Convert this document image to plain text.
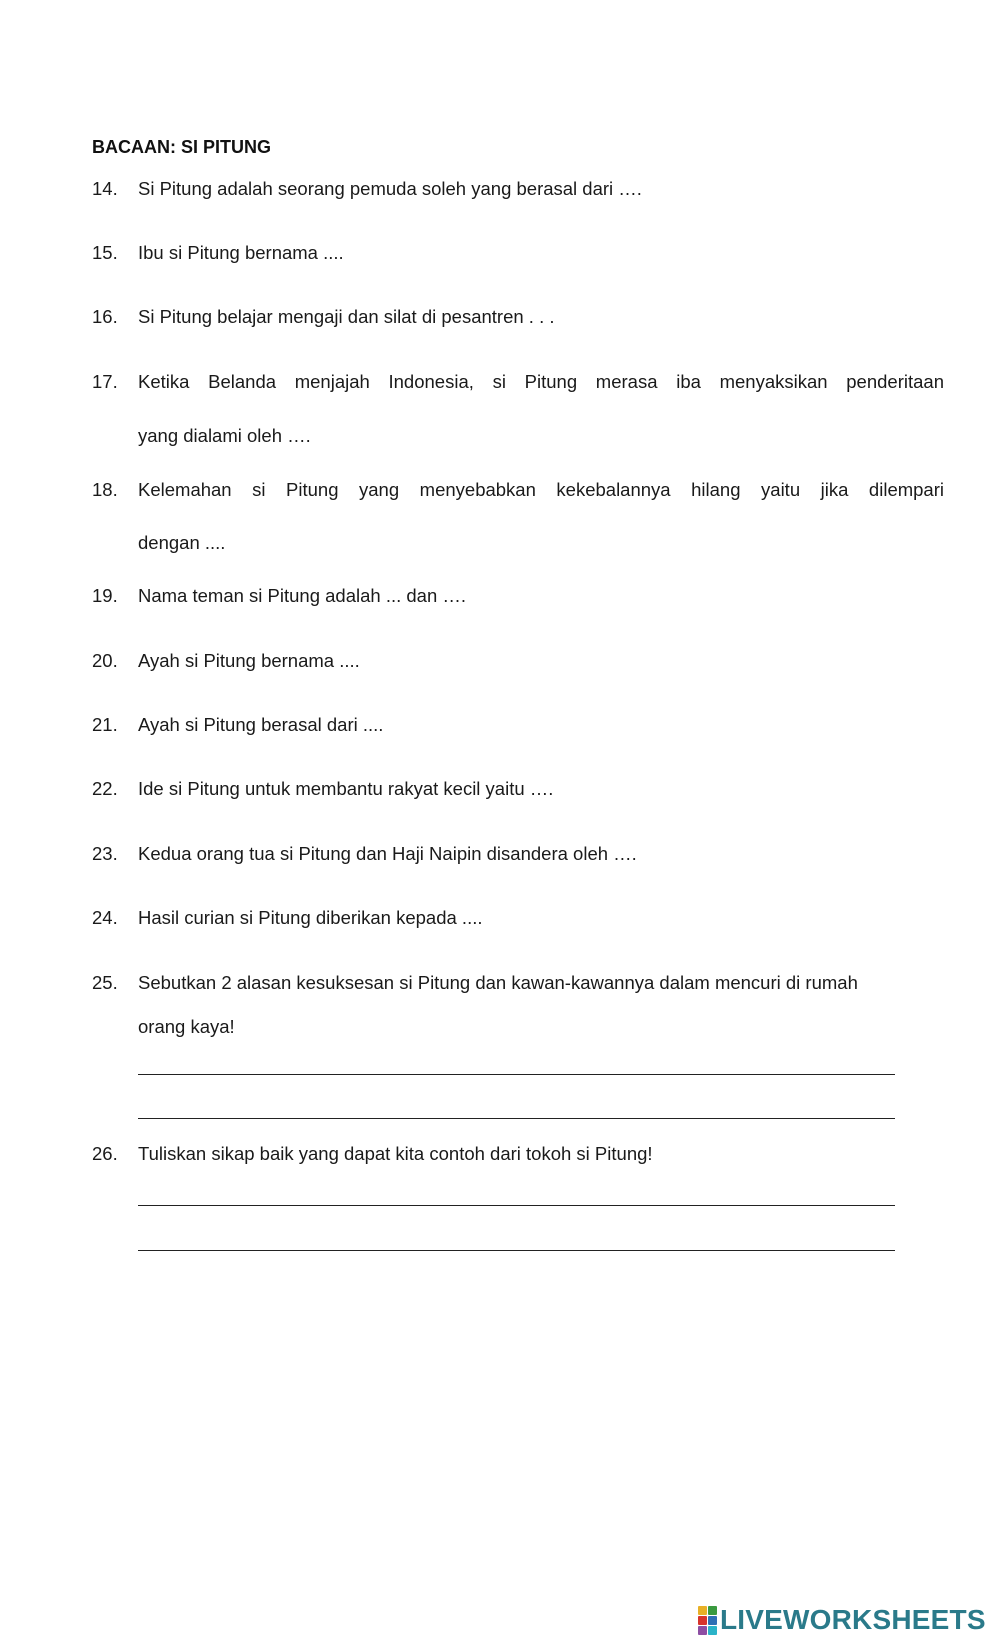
BACAAN: SI PITUNG
14.	Si Pitung adalah seorang pemuda soleh yang berasal dari ….
15.	Ibu si Pitung bernama ....
16.	Si Pitung belajar mengaji dan silat di pesantren . . .
17.	Ketika Belanda menjajah Indonesia, si Pitung merasa iba menyaksikan penderitaan
yang dialami oleh ….
18.	Kelemahan si Pitung yang menyebabkan kekebalannya hilang yaitu jika dilempari
dengan ....
19.	Nama teman si Pitung adalah ... dan ….
20.	Ayah si Pitung bernama ....
21.	Ayah si Pitung berasal dari ....
22.	Ide si Pitung untuk membantu rakyat kecil yaitu ….
23.	Kedua orang tua si Pitung dan Haji Naipin disandera oleh ….
24.	Hasil curian si Pitung diberikan kepada ....
25.	Sebutkan 2 alasan kesuksesan si Pitung dan kawan-kawannya dalam mencuri di rumah
orang kaya!
26.	Tuliskan sikap baik yang dapat kita contoh dari tokoh si Pitung!
LIVEWORKSHEETS
